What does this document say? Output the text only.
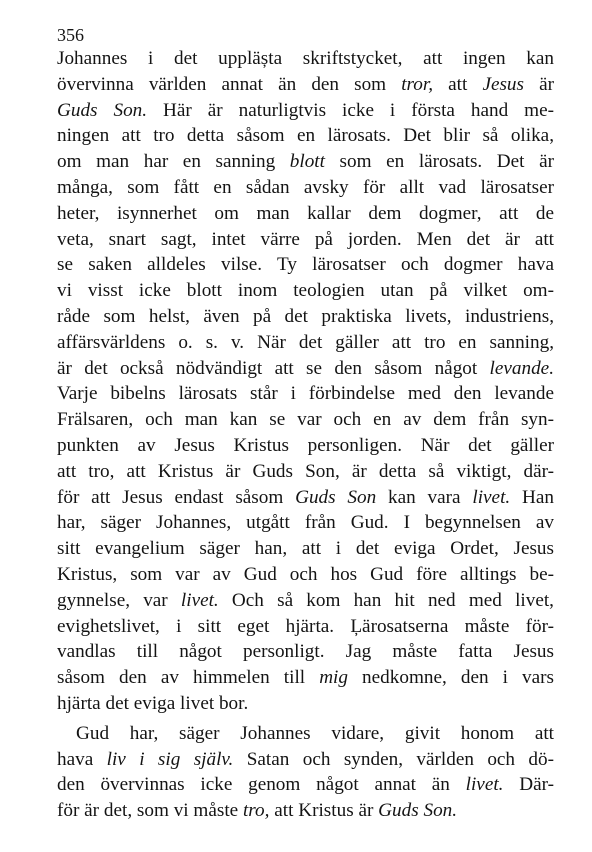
356
Johannes i det uppläșta skriftstycket, att ingen kan
övervinna världen annat än den som tror, att Jesus är
Guds Son. Här är naturligtvis icke i första hand me-
ningen att tro detta såsom en lärosats. Det blir så olika,
om man har en sanning blott som en lärosats. Det är
många, som fått en sådan avsky för allt vad lärosatser
heter, isynnerhet om man kallar dem dogmer, att de
veta, snart sagt, intet värre på jorden. Men det är att
se saken alldeles vilse. Ty lärosatser och dogmer hava
vi visst icke blott inom teologien utan på vilket om-
råde som helst, även på det praktiska livets, industriens,
affärsvärldens o. s. v. När det gäller att tro en sanning,
är det också nödvändigt att se den såsom något levande.
Varje bibelns lärosats står i förbindelse med den levande
Frälsaren, och man kan se var och en av dem från syn-
punkten av Jesus Kristus personligen. När det gäller
att tro, att Kristus är Guds Son, är detta så viktigt, där-
för att Jesus endast såsom Guds Son kan vara livet. Han
har, säger Johannes, utgått från Gud. I begynnelsen av
sitt evangelium säger han, att i det eviga Ordet, Jesus
Kristus, som var av Gud och hos Gud före alltings be-
gynnelse, var livet. Och så kom han hit ned med livet,
evighetslivet, i sitt eget hjärta. Ļärosatserna måste för-
vandlas till något personligt. Jag måste fatta Jesus
såsom den av himmelen till mig nedkomne, den i vars
hjärta det eviga livet bor.
Gud har, säger Johannes vidare, givit honom att
hava liv i sig själv. Satan och synden, världen och dö-
den övervinnas icke genom något annat än livet. Där-
för är det, som vi måste tro, att Kristus är Guds Son.
